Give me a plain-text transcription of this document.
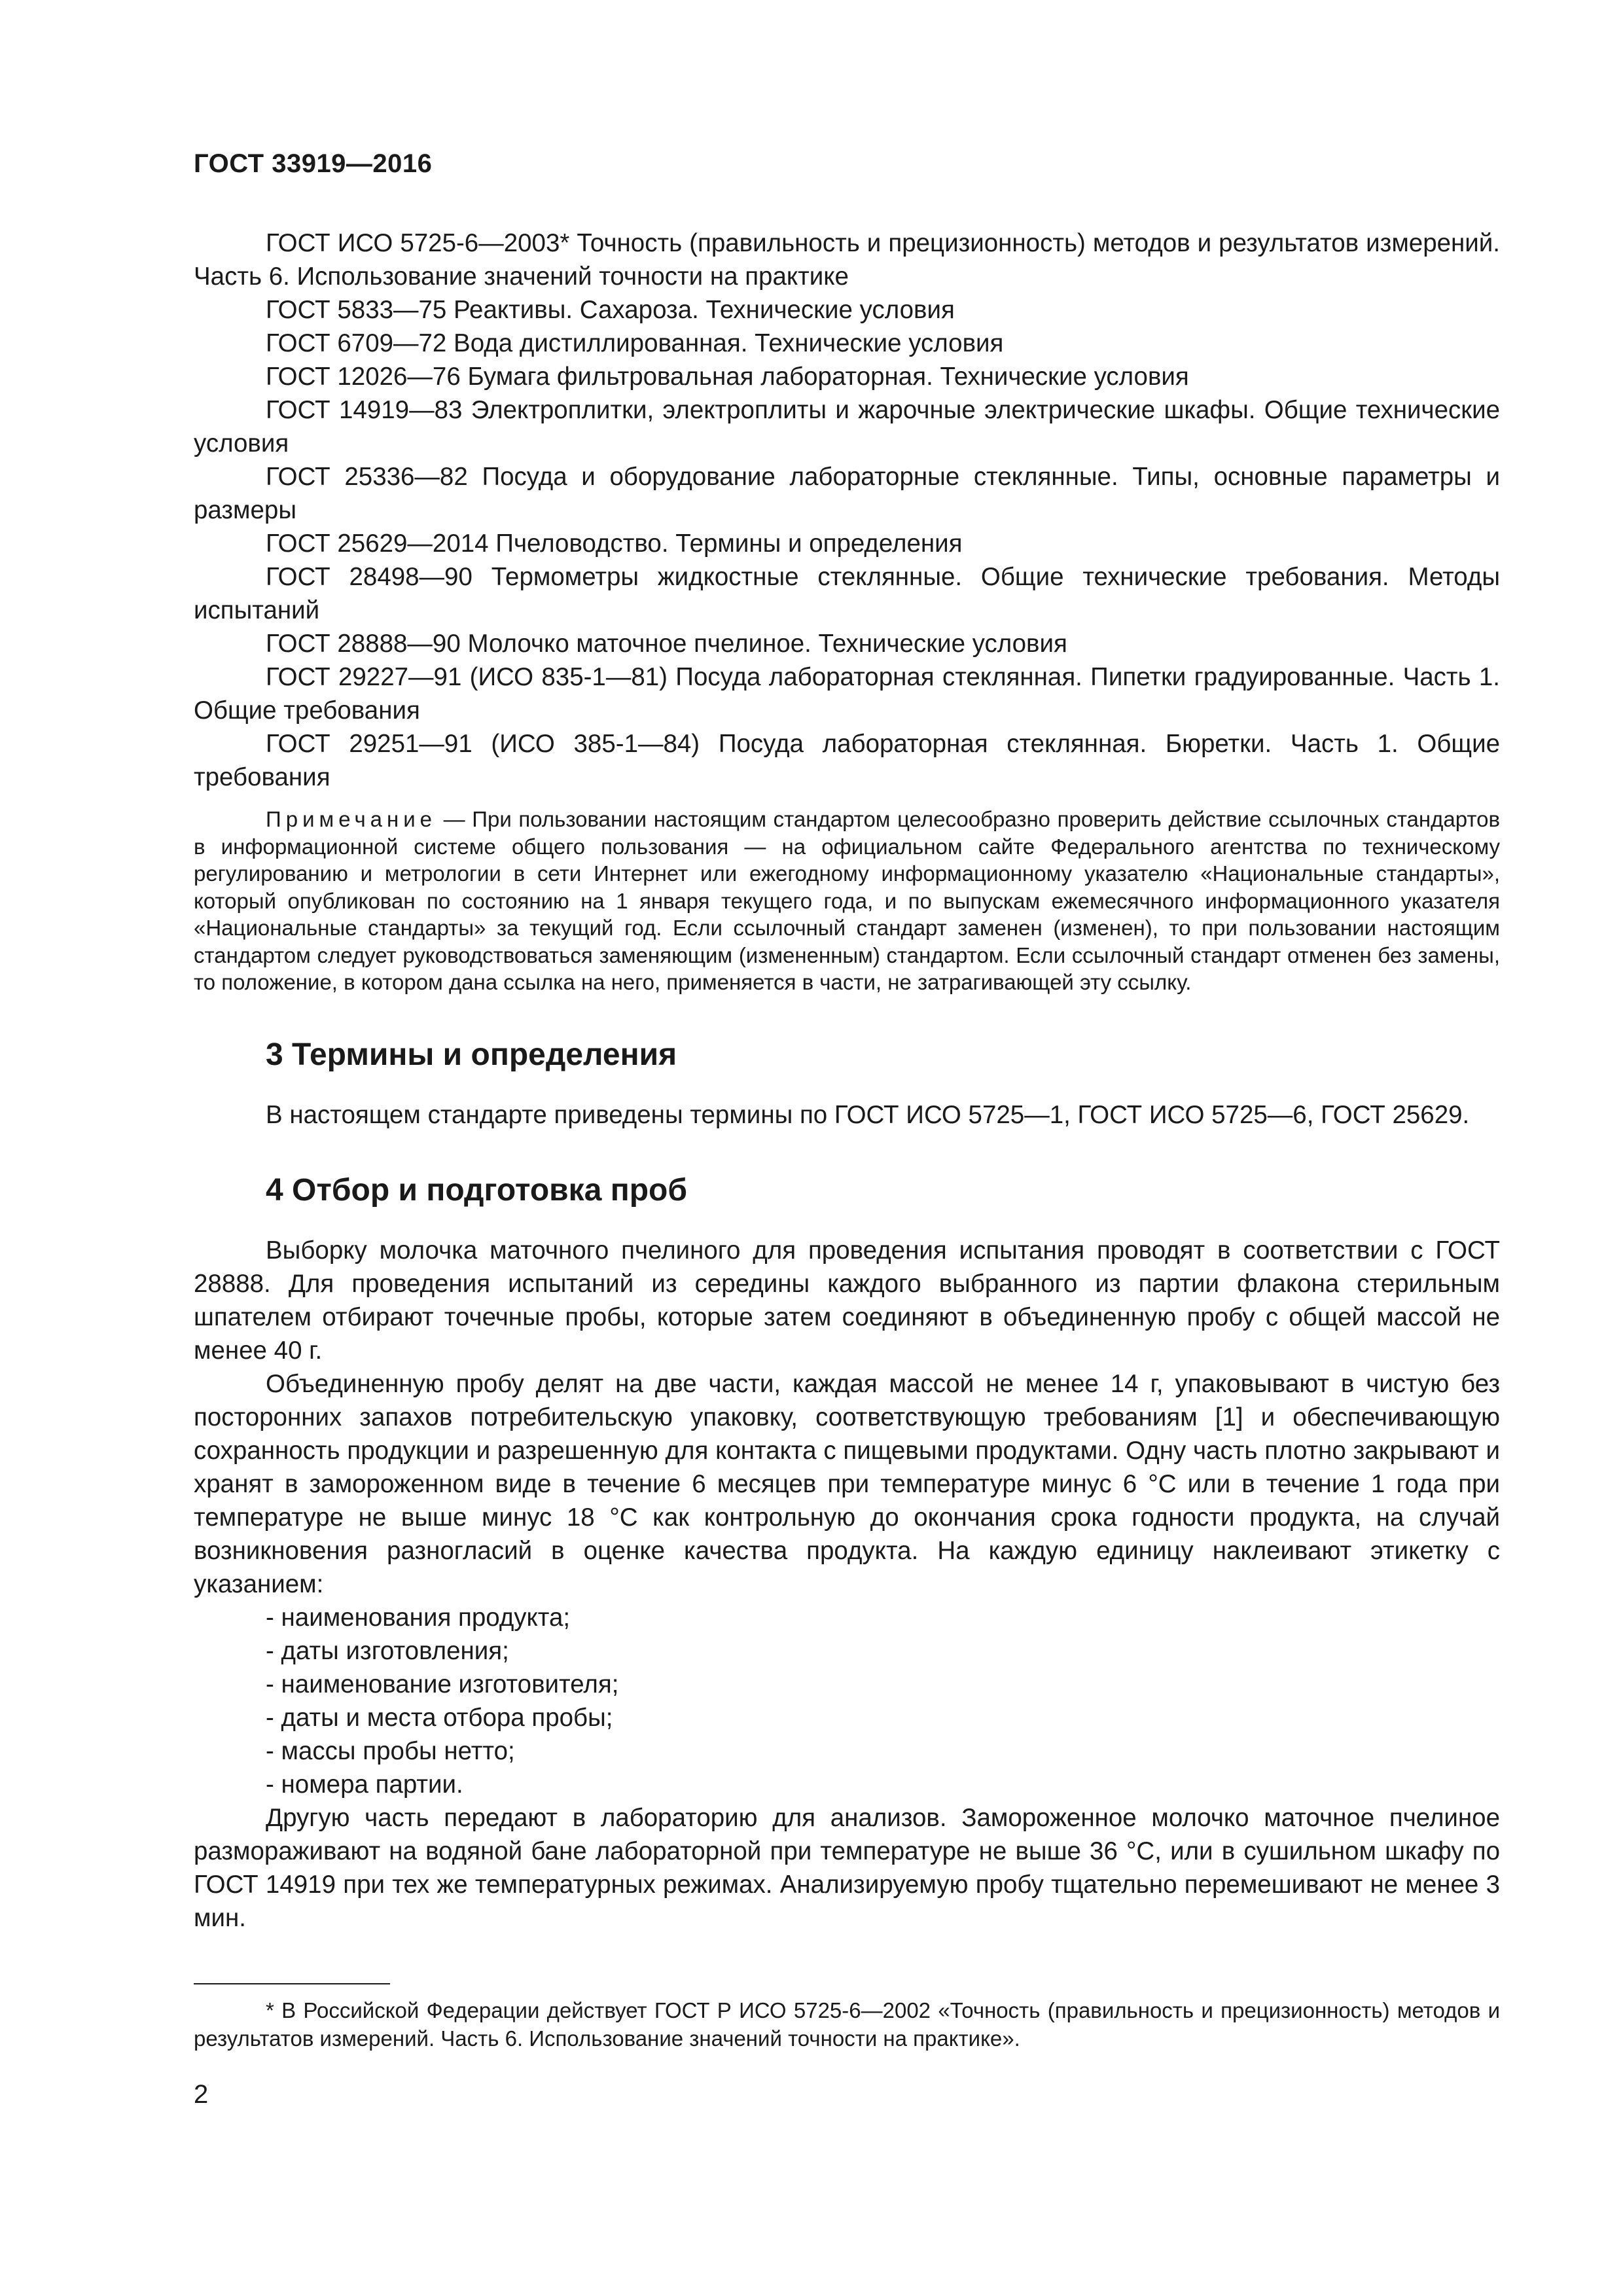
ГОСТ 33919—2016

ГОСТ ИСО 5725-6—2003* Точность (правильность и прецизионность) методов и результатов измерений. Часть 6. Использование значений точности на практике

ГОСТ 5833—75 Реактивы. Сахароза. Технические условия

ГОСТ 6709—72 Вода дистиллированная. Технические условия

ГОСТ 12026—76 Бумага фильтровальная лабораторная. Технические условия

ГОСТ 14919—83 Электроплитки, электроплиты и жарочные электрические шкафы. Общие технические условия

ГОСТ 25336—82 Посуда и оборудование лабораторные стеклянные. Типы, основные параметры и размеры

ГОСТ 25629—2014 Пчеловодство. Термины и определения

ГОСТ 28498—90 Термометры жидкостные стеклянные. Общие технические требования. Методы испытаний

ГОСТ 28888—90 Молочко маточное пчелиное. Технические условия

ГОСТ 29227—91 (ИСО 835-1—81) Посуда лабораторная стеклянная. Пипетки градуированные. Часть 1. Общие требования

ГОСТ 29251—91 (ИСО 385-1—84) Посуда лабораторная стеклянная. Бюретки. Часть 1. Общие требования

Примечание — При пользовании настоящим стандартом целесообразно проверить действие ссылочных стандартов в информационной системе общего пользования — на официальном сайте Федерального агентства по техническому регулированию и метрологии в сети Интернет или ежегодному информационному указателю «Национальные стандарты», который опубликован по состоянию на 1 января текущего года, и по выпускам ежемесячного информационного указателя «Национальные стандарты» за текущий год. Если ссылочный стандарт заменен (изменен), то при пользовании настоящим стандартом следует руководствоваться заменяющим (измененным) стандартом. Если ссылочный стандарт отменен без замены, то положение, в котором дана ссылка на него, применяется в части, не затрагивающей эту ссылку.

3 Термины и определения

В настоящем стандарте приведены термины по ГОСТ ИСО 5725—1, ГОСТ ИСО 5725—6, ГОСТ 25629.

4 Отбор и подготовка проб

Выборку молочка маточного пчелиного для проведения испытания проводят в соответствии с ГОСТ 28888. Для проведения испытаний из середины каждого выбранного из партии флакона стерильным шпателем отбирают точечные пробы, которые затем соединяют в объединенную пробу с общей массой не менее 40 г.

Объединенную пробу делят на две части, каждая массой не менее 14 г, упаковывают в чистую без посторонних запахов потребительскую упаковку, соответствующую требованиям [1] и обеспечивающую сохранность продукции и разрешенную для контакта с пищевыми продуктами. Одну часть плотно закрывают и хранят в замороженном виде в течение 6 месяцев при температуре минус 6 °С или в течение 1 года при температуре не выше минус 18 °С как контрольную до окончания срока годности продукта, на случай возникновения разногласий в оценке качества продукта. На каждую единицу наклеивают этикетку с указанием:

- наименования продукта;

- даты изготовления;

- наименование изготовителя;

- даты и места отбора пробы;

- массы пробы нетто;

- номера партии.

Другую часть передают в лабораторию для анализов. Замороженное молочко маточное пчелиное размораживают на водяной бане лабораторной при температуре не выше 36 °С, или в сушильном шкафу по ГОСТ 14919 при тех же температурных режимах. Анализируемую пробу тщательно перемешивают не менее 3 мин.

* В Российской Федерации действует ГОСТ Р ИСО 5725-6—2002 «Точность (правильность и прецизионность) методов и результатов измерений. Часть 6. Использование значений точности на практике».

2
